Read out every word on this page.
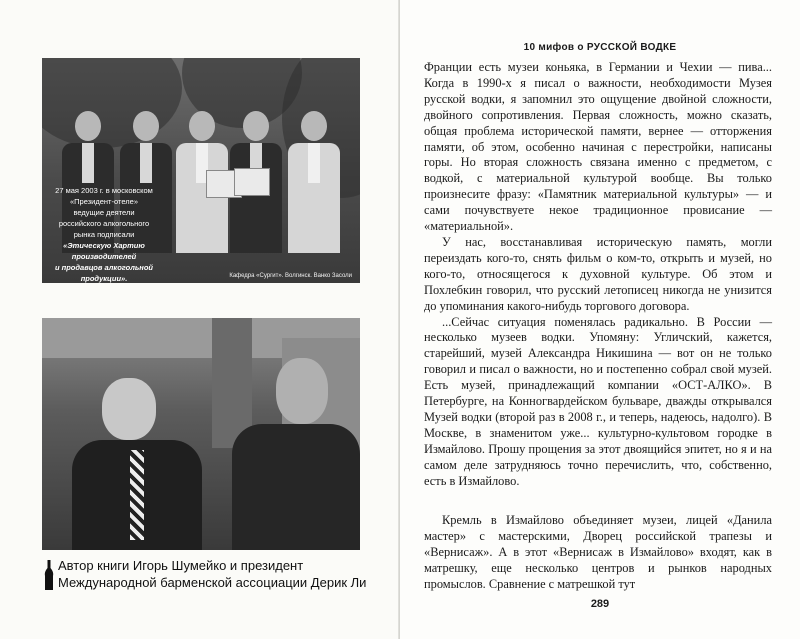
27 мая 2003 г. в московском
«Президент-отеле»
ведущие деятели
российского алкогольного
рынка подписали
«Этическую Хартию
производителей
и продавцов алкогольной
продукции».	Кафедра «Сургит». Волгинск. Ванко Засоли
Автор книги Игорь Шумейко и президент Международной барменской ассоциации Дерик Ли
10 мифов о РУССКОЙ ВОДКЕ

Франции есть музеи коньяка, в Германии и Чехии — пива... Когда в 1990-х я писал о важности, необходимости Музея русской водки, я запомнил это ощущение двойной сложности, двойного сопротивления. Первая сложность, можно сказать, общая проблема исторической памяти, вернее — отторжения памяти, об этом, особенно начиная с перестройки, написаны горы. Но вторая сложность связана именно с предметом, с водкой, с материальной культурой вообще. Вы только произнесите фразу: «Памятник материальной культуры» — и сами почувствуете некое традиционное провисание — «материальной».

У нас, восстанавливая историческую память, могли переиздать кого-то, снять фильм о ком-то, открыть и музей, но кого-то, относящегося к духовной культуре. Об этом и Похлебкин говорил, что русский летописец никогда не унизится до упоминания какого-нибудь торгового договора.

...Сейчас ситуация поменялась радикально. В России — несколько музеев водки. Упомяну: Угличский, кажется, старейший, музей Александра Никишина — вот он не только говорил и писал о важности, но и постепенно собрал свой музей. Есть музей, принадлежащий компании «ОСТ-АЛКО». В Петербурге, на Конногвардейском бульваре, дважды открывался Музей водки (второй раз в 2008 г., и теперь, надеюсь, надолго). В Москве, в знаменитом уже... культурно-культовом городке в Измайлово. Прошу прощения за этот двоящийся эпитет, но я и на самом деле затрудняюсь точно перечислить, что, собственно, есть в Измайлово.

Кремль в Измайлово объединяет музеи, лицей «Данила мастер» с мастерскими, Дворец российской трапезы и «Вернисаж». А в этот «Вернисаж в Измайлово» входят, как в матрешку, еще несколько центров и рынков народных промыслов. Сравнение с матрешкой тут

289
